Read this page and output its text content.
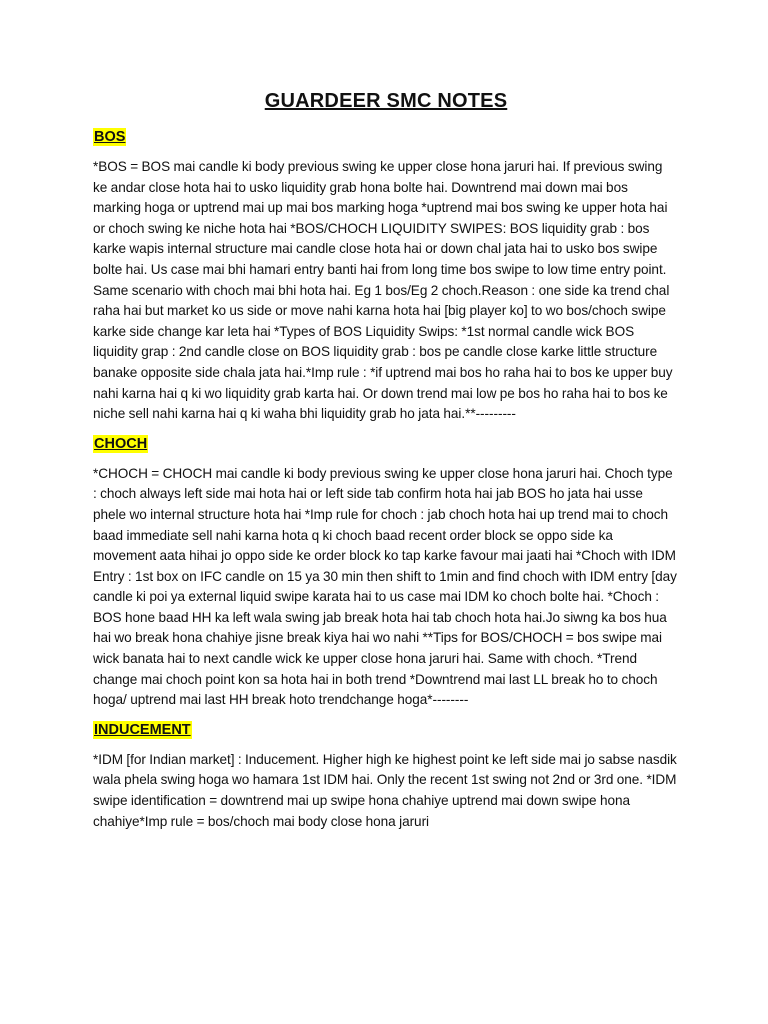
GUARDEER SMC NOTES
BOS

*BOS = BOS mai candle ki body previous swing ke upper close hona jaruri hai. If previous swing ke andar close hota hai to usko liquidity grab hona bolte hai. Downtrend mai down mai bos marking hoga or uptrend mai up mai bos marking hoga *uptrend mai bos swing ke upper hota hai or choch swing ke niche hota hai *BOS/CHOCH LIQUIDITY SWIPES: BOS liquidity grab : bos karke wapis internal structure mai candle close hota hai or down chal jata hai to usko bos swipe bolte hai. Us case mai bhi hamari entry banti hai from long time bos swipe to low time entry point. Same scenario with choch mai bhi hota hai. Eg 1 bos/Eg 2 choch.Reason : one side ka trend chal raha hai but market ko us side or move nahi karna hota hai [big player ko] to wo bos/choch swipe karke side change kar leta hai *Types of BOS Liquidity Swips: *1st normal candle wick BOS liquidity grap : 2nd candle close on BOS liquidity grab : bos pe candle close karke little structure banake opposite side chala jata hai.*Imp rule : *if uptrend mai bos ho raha hai to bos ke upper buy nahi karna hai q ki wo liquidity grab karta hai. Or down trend mai low pe bos ho raha hai to bos ke niche sell nahi karna hai q ki waha bhi liquidity grab ho jata hai.**---------

CHOCH

*CHOCH = CHOCH mai candle ki body previous swing ke upper close hona jaruri hai. Choch type : choch always left side mai hota hai or left side tab confirm hota hai jab BOS ho jata hai usse phele wo internal structure hota hai *Imp rule for choch : jab choch hota hai up trend mai to choch baad immediate sell nahi karna hota q ki choch baad recent order block se oppo side ka movement aata hihai jo oppo side ke order block ko tap karke favour mai jaati hai *Choch with IDM Entry : 1st box on IFC candle on 15 ya 30 min then shift to 1min and find choch with IDM entry [day candle ki poi ya external liquid swipe karata hai to us case mai IDM ko choch bolte hai. *Choch : BOS hone baad HH ka left wala swing jab break hota hai tab choch hota hai.Jo siwng ka bos hua hai wo break hona chahiye jisne break kiya hai wo nahi **Tips for BOS/CHOCH = bos swipe mai wick banata hai to next candle wick ke upper close hona jaruri hai. Same with choch. *Trend change mai choch point kon sa hota hai in both trend *Downtrend mai last LL break ho to choch hoga/ uptrend mai last HH break hoto trendchange hoga*--------

INDUCEMENT

*IDM [for Indian market] : Inducement. Higher high ke highest point ke left side mai jo sabse nasdik wala phela swing hoga wo hamara 1st IDM hai. Only the recent 1st swing not 2nd or 3rd one. *IDM swipe identification = downtrend mai up swipe hona chahiye uptrend mai down swipe hona chahiye*Imp rule = bos/choch mai body close hona jaruri
